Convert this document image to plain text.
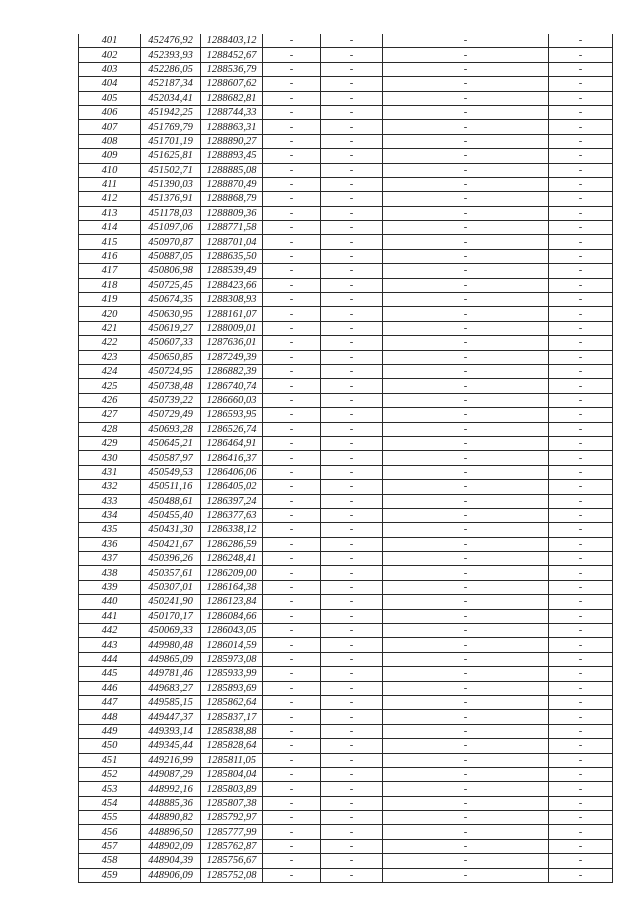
401	452476,92	1288403,12	-	-	-	-
402	452393,93	1288452,67	-	-	-	-
403	452286,05	1288536,79	-	-	-	-
404	452187,34	1288607,62	-	-	-	-
405	452034,41	1288682,81	-	-	-	-
406	451942,25	1288744,33	-	-	-	-
407	451769,79	1288863,31	-	-	-	-
408	451701,19	1288890,27	-	-	-	-
409	451625,81	1288893,45	-	-	-	-
410	451502,71	1288885,08	-	-	-	-
411	451390,03	1288870,49	-	-	-	-
412	451376,91	1288868,79	-	-	-	-
413	451178,03	1288809,36	-	-	-	-
414	451097,06	1288771,58	-	-	-	-
415	450970,87	1288701,04	-	-	-	-
416	450887,05	1288635,50	-	-	-	-
417	450806,98	1288539,49	-	-	-	-
418	450725,45	1288423,66	-	-	-	-
419	450674,35	1288308,93	-	-	-	-
420	450630,95	1288161,07	-	-	-	-
421	450619,27	1288009,01	-	-	-	-
422	450607,33	1287636,01	-	-	-	-
423	450650,85	1287249,39	-	-	-	-
424	450724,95	1286882,39	-	-	-	-
425	450738,48	1286740,74	-	-	-	-
426	450739,22	1286660,03	-	-	-	-
427	450729,49	1286593,95	-	-	-	-
428	450693,28	1286526,74	-	-	-	-
429	450645,21	1286464,91	-	-	-	-
430	450587,97	1286416,37	-	-	-	-
431	450549,53	1286406,06	-	-	-	-
432	450511,16	1286405,02	-	-	-	-
433	450488,61	1286397,24	-	-	-	-
434	450455,40	1286377,63	-	-	-	-
435	450431,30	1286338,12	-	-	-	-
436	450421,67	1286286,59	-	-	-	-
437	450396,26	1286248,41	-	-	-	-
438	450357,61	1286209,00	-	-	-	-
439	450307,01	1286164,38	-	-	-	-
440	450241,90	1286123,84	-	-	-	-
441	450170,17	1286084,66	-	-	-	-
442	450069,33	1286043,05	-	-	-	-
443	449980,48	1286014,59	-	-	-	-
444	449865,09	1285973,08	-	-	-	-
445	449781,46	1285933,99	-	-	-	-
446	449683,27	1285893,69	-	-	-	-
447	449585,15	1285862,64	-	-	-	-
448	449447,37	1285837,17	-	-	-	-
449	449393,14	1285838,88	-	-	-	-
450	449345,44	1285828,64	-	-	-	-
451	449216,99	1285811,05	-	-	-	-
452	449087,29	1285804,04	-	-	-	-
453	448992,16	1285803,89	-	-	-	-
454	448885,36	1285807,38	-	-	-	-
455	448890,82	1285792,97	-	-	-	-
456	448896,50	1285777,99	-	-	-	-
457	448902,09	1285762,87	-	-	-	-
458	448904,39	1285756,67	-	-	-	-
459	448906,09	1285752,08	-	-	-	-
